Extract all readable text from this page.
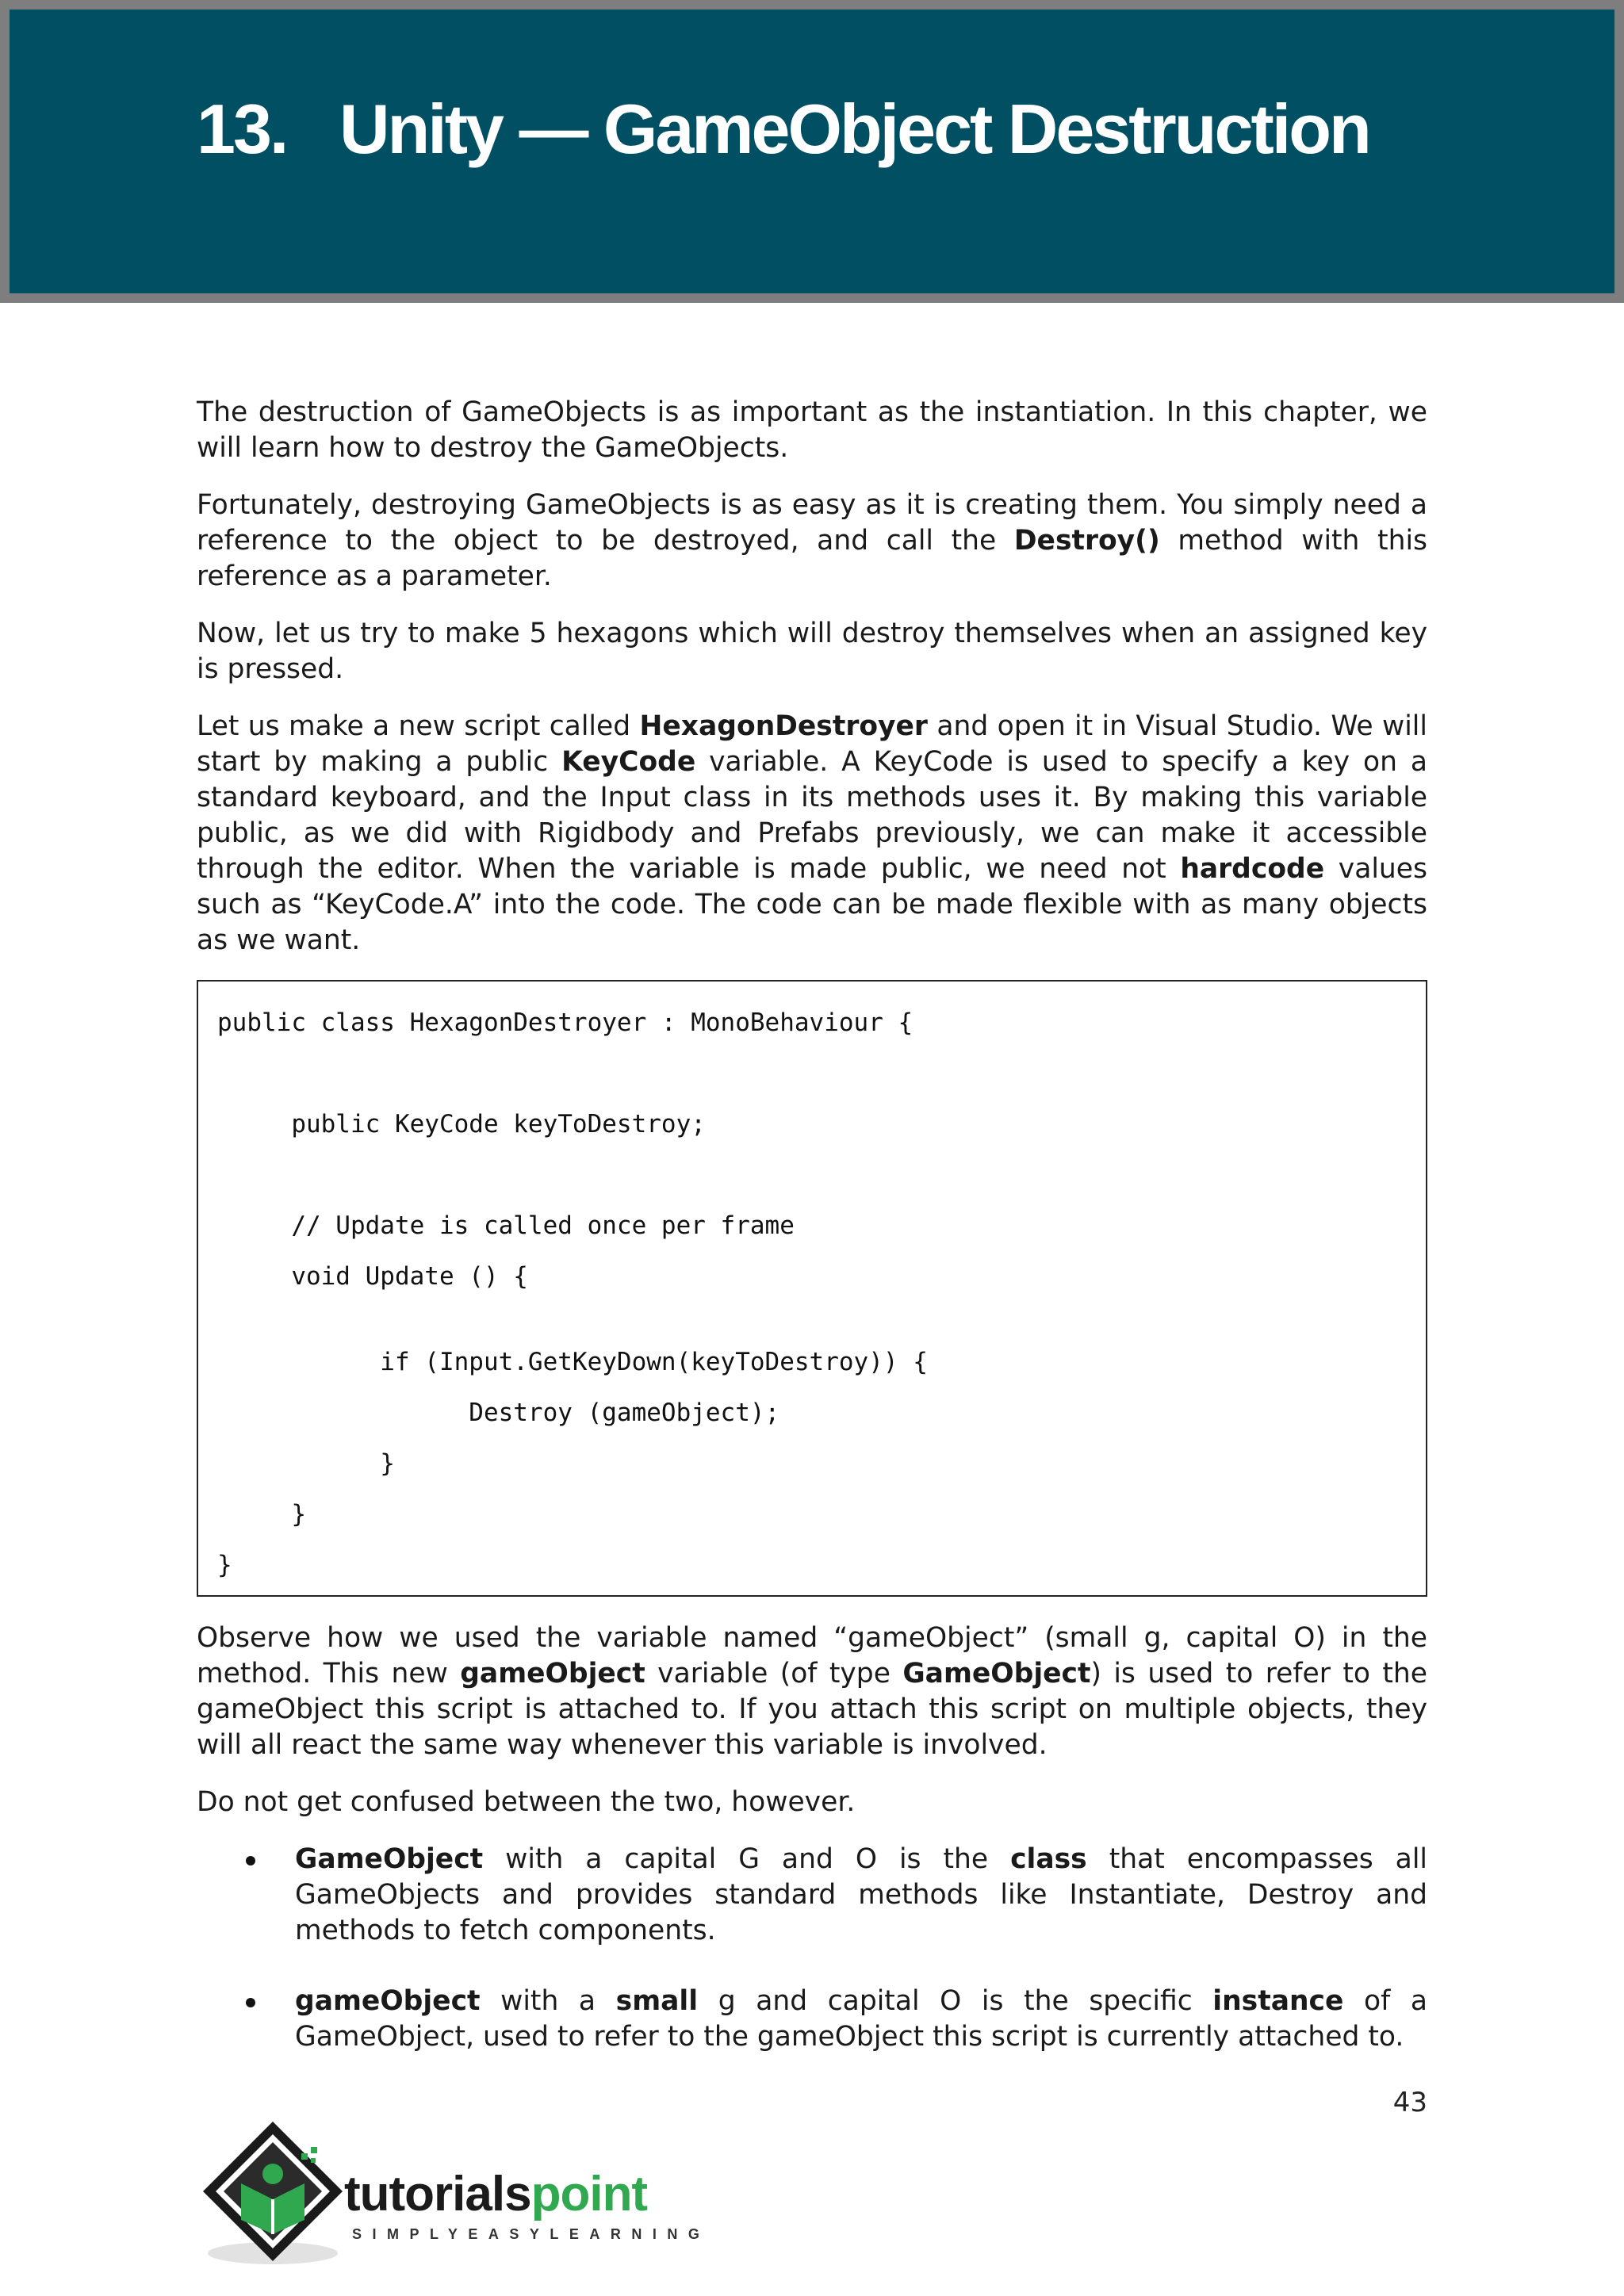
13. Unity — GameObject Destruction

The destruction of GameObjects is as important as the instantiation. In this chapter, we will learn how to destroy the GameObjects.

Fortunately, destroying GameObjects is as easy as it is creating them. You simply need a reference to the object to be destroyed, and call the Destroy() method with this reference as a parameter.

Now, let us try to make 5 hexagons which will destroy themselves when an assigned key is pressed.

Let us make a new script called HexagonDestroyer and open it in Visual Studio. We will start by making a public KeyCode variable. A KeyCode is used to specify a key on a standard keyboard, and the Input class in its methods uses it. By making this variable public, as we did with Rigidbody and Prefabs previously, we can make it accessible through the editor. When the variable is made public, we need not hardcode values such as “KeyCode.A” into the code. The code can be made flexible with as many objects as we want.

public class HexagonDestroyer : MonoBehaviour {
public KeyCode keyToDestroy;
// Update is called once per frame
void Update () {
if (Input.GetKeyDown(keyToDestroy)) {
Destroy (gameObject);
}
}
}

Observe how we used the variable named “gameObject” (small g, capital O) in the method. This new gameObject variable (of type GameObject) is used to refer to the gameObject this script is attached to. If you attach this script on multiple objects, they will all react the same way whenever this variable is involved.

Do not get confused between the two, however.

GameObject with a capital G and O is the class that encompasses all GameObjects and provides standard methods like Instantiate, Destroy and methods to fetch components.

gameObject with a small g and capital O is the specific instance of a GameObject, used to refer to the gameObject this script is currently attached to.

43
tutorialspoint
SIMPLYEASYLEARNING
